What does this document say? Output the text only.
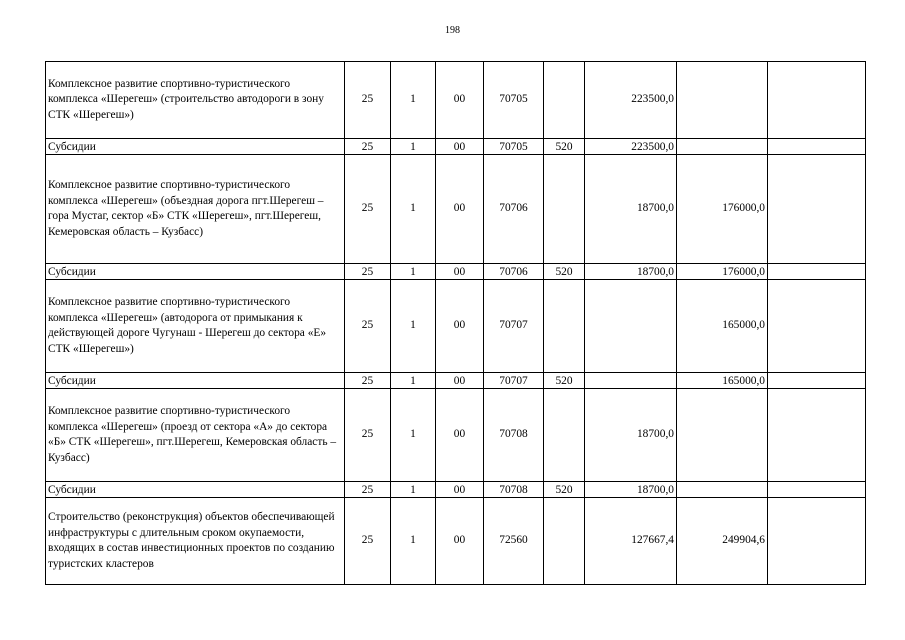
198
Комплексное развитие спортивно-туристического комплекса «Шерегеш» (строительство автодороги в зону СТК «Шерегеш»)	25	1	00	70705		223500,0		
Субсидии	25	1	00	70705	520	223500,0		
Комплексное развитие спортивно-туристического комплекса «Шерегеш» (объездная дорога пгт.Шерегеш – гора Мустаг, сектор «Б» СТК «Шерегеш», пгт.Шерегеш, Кемеровская область – Кузбасс)	25	1	00	70706		18700,0	176000,0	
Субсидии	25	1	00	70706	520	18700,0	176000,0	
Комплексное развитие спортивно-туристического комплекса «Шерегеш» (автодорога от примыкания к действующей дороге Чугунаш - Шерегеш до сектора «Е» СТК «Шерегеш»)	25	1	00	70707			165000,0	
Субсидии	25	1	00	70707	520		165000,0	
Комплексное развитие спортивно-туристического комплекса «Шерегеш» (проезд от сектора «А» до сектора «Б» СТК «Шерегеш», пгт.Шерегеш, Кемеровская область – Кузбасс)	25	1	00	70708		18700,0		
Субсидии	25	1	00	70708	520	18700,0		
Строительство (реконструкция) объектов обеспечивающей инфраструктуры с длительным сроком окупаемости, входящих в состав инвестиционных проектов по созданию туристских кластеров	25	1	00	72560		127667,4	249904,6	
